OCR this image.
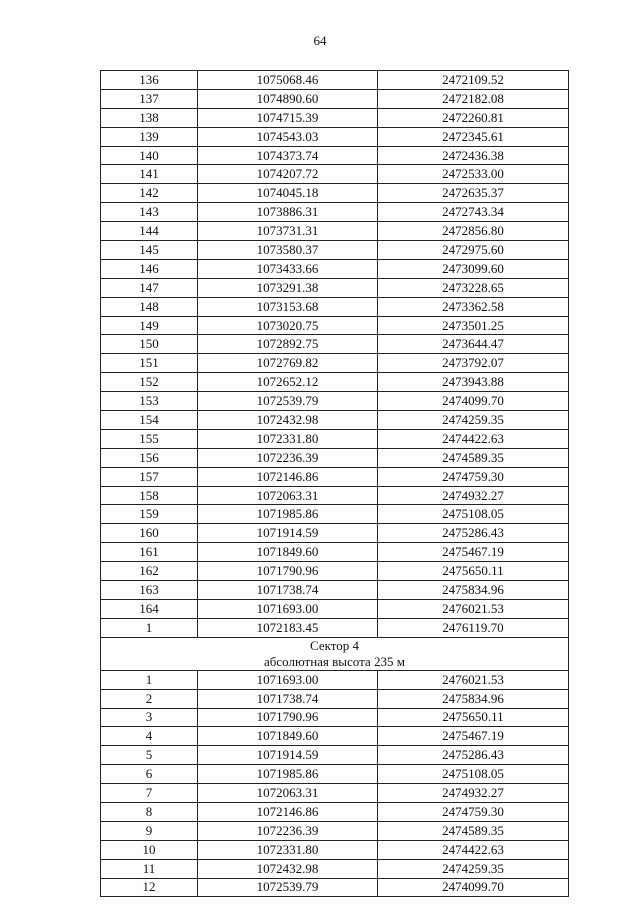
64
136	1075068.46	2472109.52
137	1074890.60	2472182.08
138	1074715.39	2472260.81
139	1074543.03	2472345.61
140	1074373.74	2472436.38
141	1074207.72	2472533.00
142	1074045.18	2472635.37
143	1073886.31	2472743.34
144	1073731.31	2472856.80
145	1073580.37	2472975.60
146	1073433.66	2473099.60
147	1073291.38	2473228.65
148	1073153.68	2473362.58
149	1073020.75	2473501.25
150	1072892.75	2473644.47
151	1072769.82	2473792.07
152	1072652.12	2473943.88
153	1072539.79	2474099.70
154	1072432.98	2474259.35
155	1072331.80	2474422.63
156	1072236.39	2474589.35
157	1072146.86	2474759.30
158	1072063.31	2474932.27
159	1071985.86	2475108.05
160	1071914.59	2475286.43
161	1071849.60	2475467.19
162	1071790.96	2475650.11
163	1071738.74	2475834.96
164	1071693.00	2476021.53
1	1072183.45	2476119.70

Сектор 4
абсолютная высота 235 м		

1	1071693.00	2476021.53
2	1071738.74	2475834.96
3	1071790.96	2475650.11
4	1071849.60	2475467.19
5	1071914.59	2475286.43
6	1071985.86	2475108.05
7	1072063.31	2474932.27
8	1072146.86	2474759.30
9	1072236.39	2474589.35
10	1072331.80	2474422.63
11	1072432.98	2474259.35
12	1072539.79	2474099.70
